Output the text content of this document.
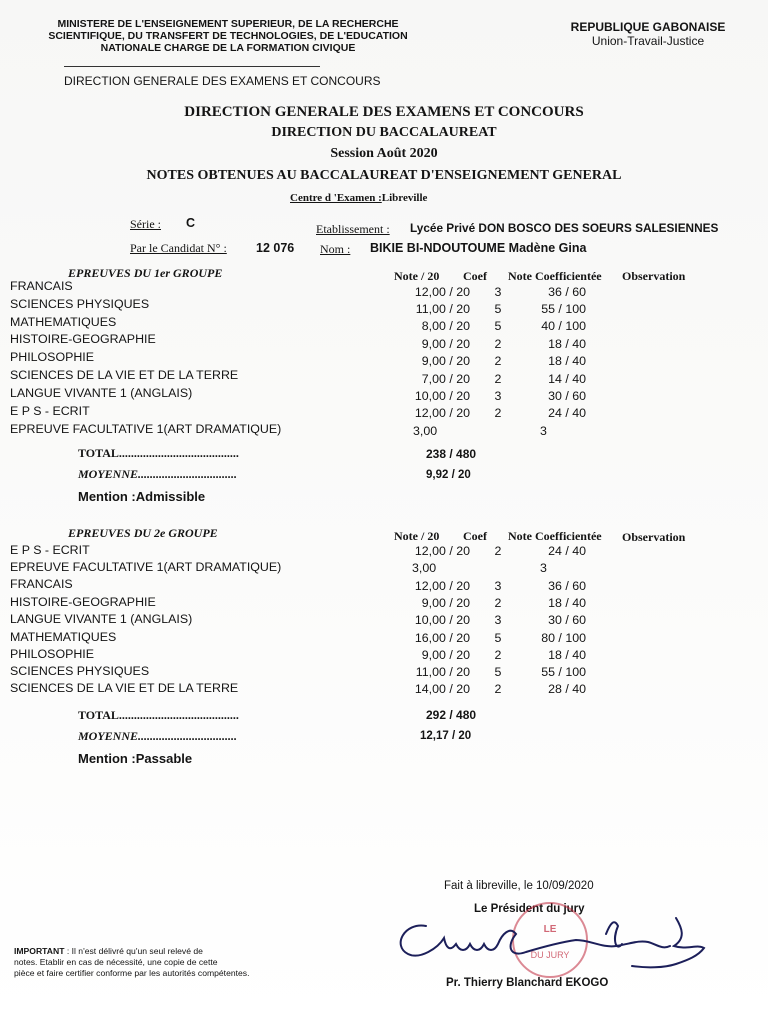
MINISTERE DE L'ENSEIGNEMENT SUPERIEUR, DE LA RECHERCHE
SCIENTIFIQUE, DU TRANSFERT DE TECHNOLOGIES, DE L'EDUCATION
NATIONALE CHARGE DE LA FORMATION CIVIQUE
REPUBLIQUE GABONAISE
Union-Travail-Justice
DIRECTION GENERALE DES EXAMENS ET CONCOURS
DIRECTION GENERALE DES EXAMENS ET CONCOURS
DIRECTION DU BACCALAUREAT
Session Août 2020
NOTES OBTENUES AU BACCALAUREAT D'ENSEIGNEMENT GENERAL
Centre d 'Examen :Libreville
Série : C	Etablissement : Lycée Privé DON BOSCO DES SOEURS SALESIENNES
Par le Candidat N° : 12 076 Nom : BIKIE BI-NDOUTOUME Madène Gina
EPREUVES DU 1er GROUPE	Note / 20 Coef Note Coefficientée Observation
FRANCAIS	12,00 / 20	3	36 / 60
SCIENCES PHYSIQUES	11,00 / 20	5	55 / 100
MATHEMATIQUES	8,00 / 20	5	40 / 100
HISTOIRE-GEOGRAPHIE	9,00 / 20	2	18 / 40
PHILOSOPHIE	9,00 / 20	2	18 / 40
SCIENCES DE LA VIE ET DE LA TERRE	7,00 / 20	2	14 / 40
LANGUE VIVANTE 1 (ANGLAIS)	10,00 / 20	3	30 / 60
E P S - ECRIT	12,00 / 20	2	24 / 40
EPREUVE FACULTATIVE 1(ART DRAMATIQUE)	3,00	3
TOTAL........................................	238 / 480
MOYENNE.................................	9,92 / 20
Mention :Admissible
EPREUVES DU 2e GROUPE	Note / 20 Coef Note Coefficientée Observation
E P S - ECRIT	12,00 / 20	2	24 / 40
EPREUVE FACULTATIVE 1(ART DRAMATIQUE)	3,00	3
FRANCAIS	12,00 / 20	3	36 / 60
HISTOIRE-GEOGRAPHIE	9,00 / 20	2	18 / 40
LANGUE VIVANTE 1 (ANGLAIS)	10,00 / 20	3	30 / 60
MATHEMATIQUES	16,00 / 20	5	80 / 100
PHILOSOPHIE	9,00 / 20	2	18 / 40
SCIENCES PHYSIQUES	11,00 / 20	5	55 / 100
SCIENCES DE LA VIE ET DE LA TERRE	14,00 / 20	2	28 / 40
TOTAL........................................	292 / 480
MOYENNE.................................	12,17 / 20
Mention :Passable
Fait à libreville, le 10/09/2020
Le Président du jury
LE
DU JURY
Pr. Thierry Blanchard EKOGO
IMPORTANT : Il n'est délivré qu'un seul relevé de
notes. Etablir en cas de nécessité, une copie de cette
pièce et faire certifier conforme par les autorités compétentes.
